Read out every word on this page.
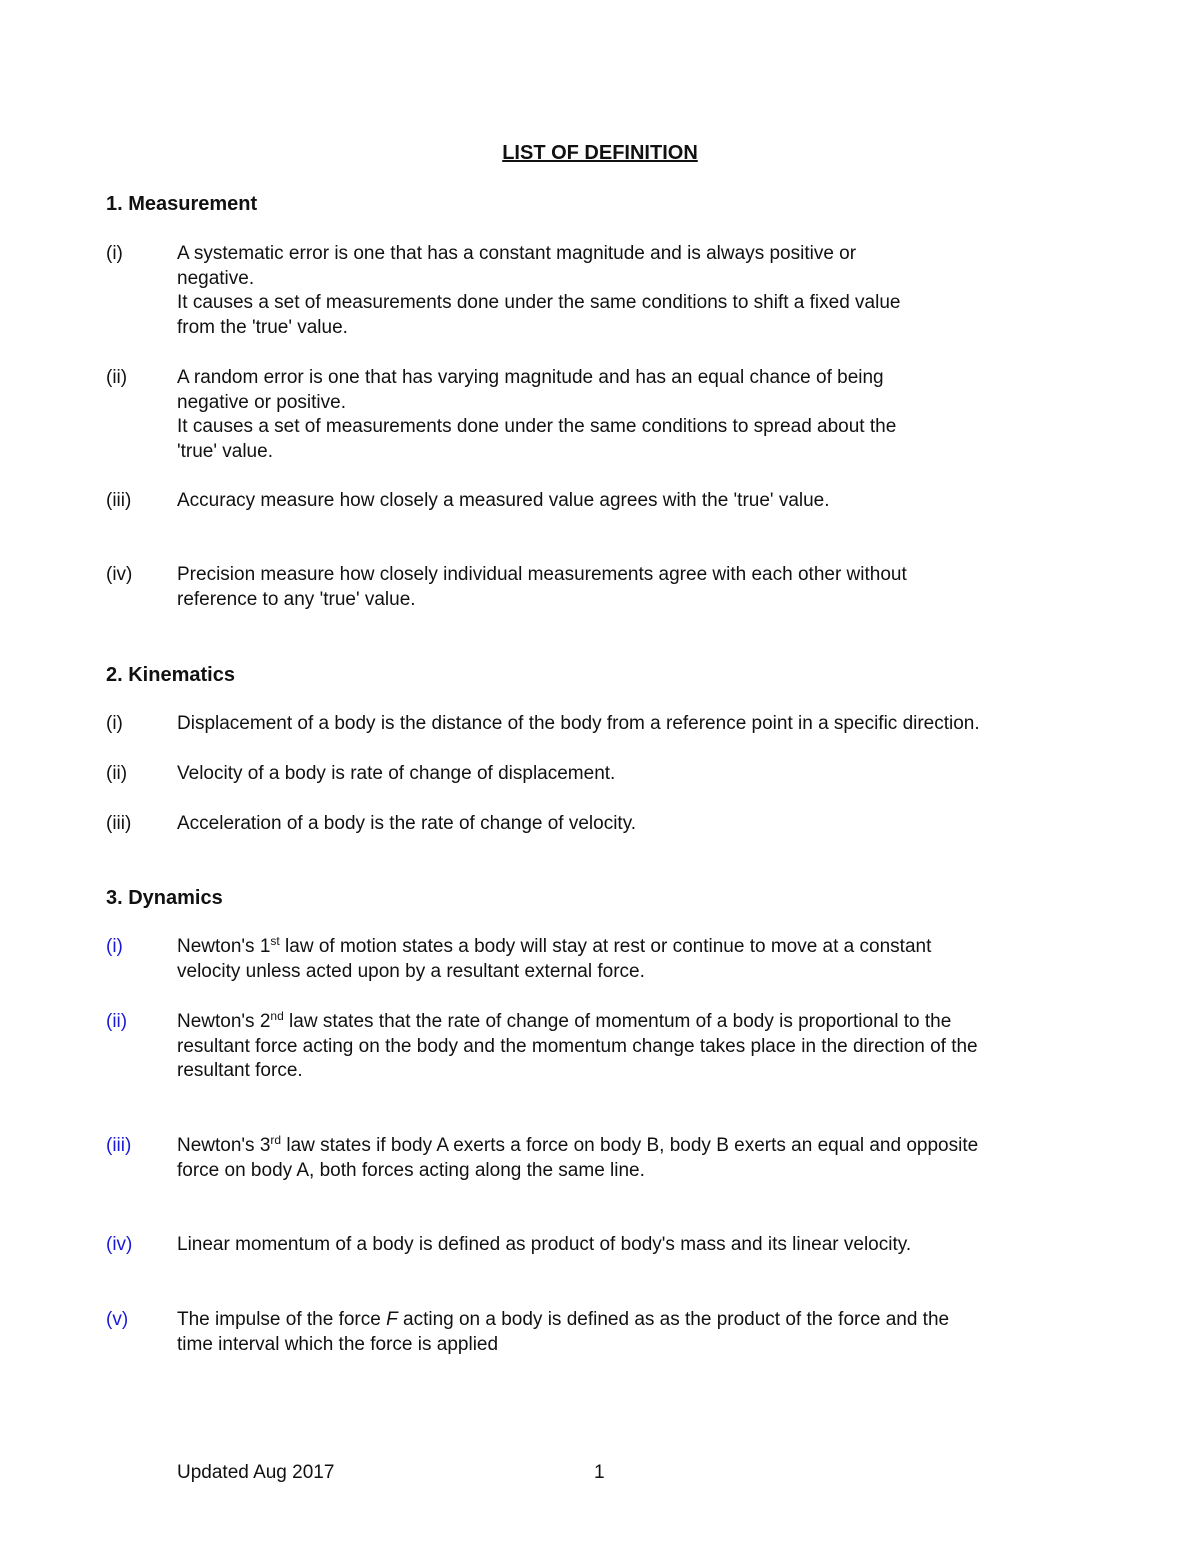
LIST OF DEFINITION
1. Measurement
(i)	A systematic error is one that has a constant magnitude and is always positive or
negative.
It causes a set of measurements done under the same conditions to shift a fixed value
from the 'true' value.
(ii)	A random error is one that has varying magnitude and has an equal chance of being
negative or positive.
It causes a set of measurements done under the same conditions to spread about the
'true' value.
(iii)	Accuracy measure how closely a measured value agrees with the 'true' value.
(iv)	Precision measure how closely individual measurements agree with each other without
reference to any 'true' value.
2. Kinematics
(i)	Displacement of a body is the distance of the body from a reference point in a specific direction.
(ii)	Velocity of a body is rate of change of displacement.
(iii)	Acceleration of a body is the rate of change of velocity.
3. Dynamics
(i)	Newton's 1st law of motion states a body will stay at rest or continue to move at a constant
velocity unless acted upon by a resultant external force.
(ii)	Newton's 2nd law states that the rate of change of momentum of a body is proportional to the
resultant force acting on the body and the momentum change takes place in the direction of the
resultant force.
(iii)	Newton's 3rd law states if body A exerts a force on body B, body B exerts an equal and opposite
force on body A, both forces acting along the same line.
(iv)	Linear momentum of a body is defined as product of body's mass and its linear velocity.
(v)	The impulse of the force F acting on a body is defined as as the product of the force and the
time interval which the force is applied
Updated Aug 2017	1
